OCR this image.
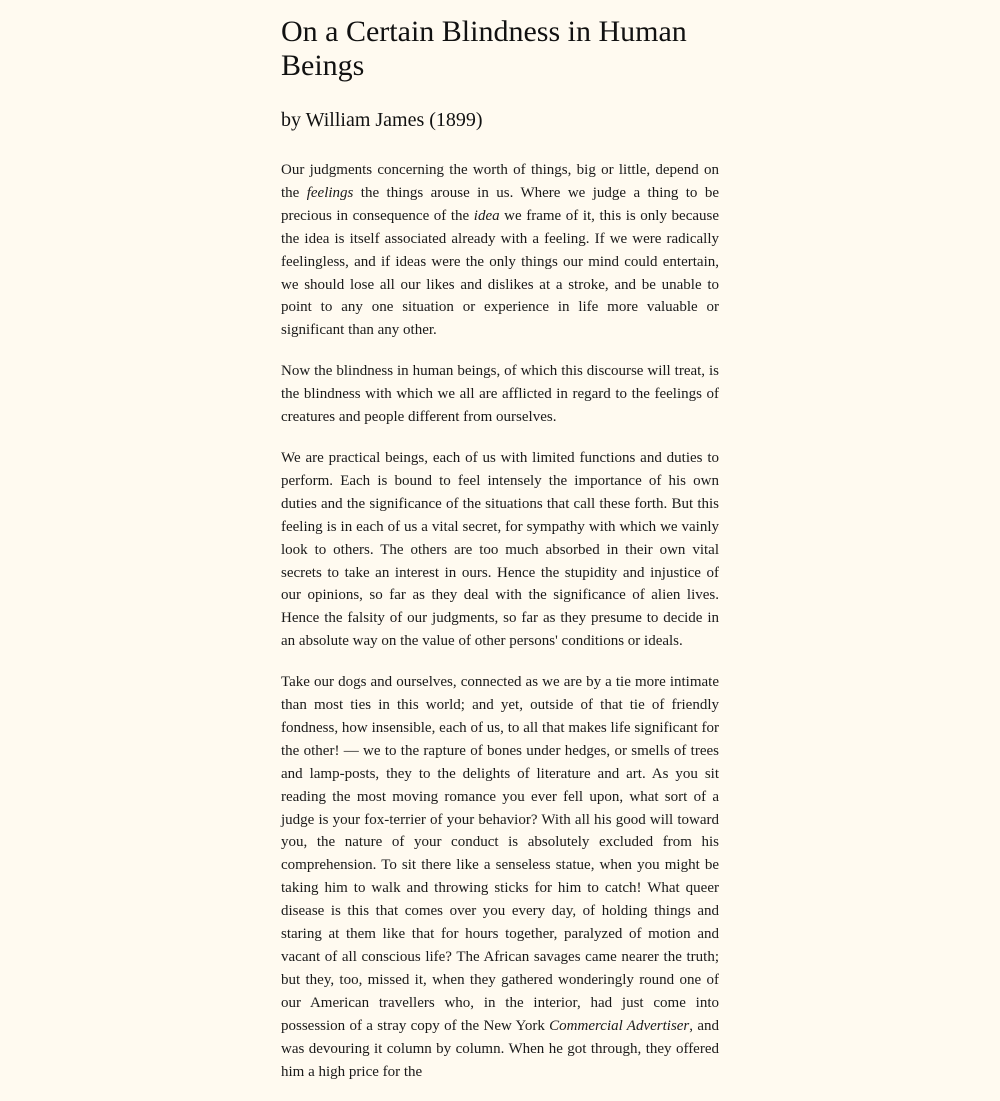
On a Certain Blindness in Human Beings
by William James (1899)

Our judgments concerning the worth of things, big or little, depend on the feelings the things arouse in us. Where we judge a thing to be precious in consequence of the idea we frame of it, this is only because the idea is itself associated already with a feeling. If we were radically feelingless, and if ideas were the only things our mind could entertain, we should lose all our likes and dislikes at a stroke, and be unable to point to any one situation or experience in life more valuable or significant than any other.

Now the blindness in human beings, of which this discourse will treat, is the blindness with which we all are afflicted in regard to the feelings of creatures and people different from ourselves.

We are practical beings, each of us with limited functions and duties to perform. Each is bound to feel intensely the importance of his own duties and the significance of the situations that call these forth. But this feeling is in each of us a vital secret, for sympathy with which we vainly look to others. The others are too much absorbed in their own vital secrets to take an interest in ours. Hence the stupidity and injustice of our opinions, so far as they deal with the significance of alien lives. Hence the falsity of our judgments, so far as they presume to decide in an absolute way on the value of other persons' conditions or ideals.

Take our dogs and ourselves, connected as we are by a tie more intimate than most ties in this world; and yet, outside of that tie of friendly fondness, how insensible, each of us, to all that makes life significant for the other! — we to the rapture of bones under hedges, or smells of trees and lamp-posts, they to the delights of literature and art. As you sit reading the most moving romance you ever fell upon, what sort of a judge is your fox-terrier of your behavior? With all his good will toward you, the nature of your conduct is absolutely excluded from his comprehension. To sit there like a senseless statue, when you might be taking him to walk and throwing sticks for him to catch! What queer disease is this that comes over you every day, of holding things and staring at them like that for hours together, paralyzed of motion and vacant of all conscious life? The African savages came nearer the truth; but they, too, missed it, when they gathered wonderingly round one of our American travellers who, in the interior, had just come into possession of a stray copy of the New York Commercial Advertiser, and was devouring it column by column. When he got through, they offered him a high price for the
